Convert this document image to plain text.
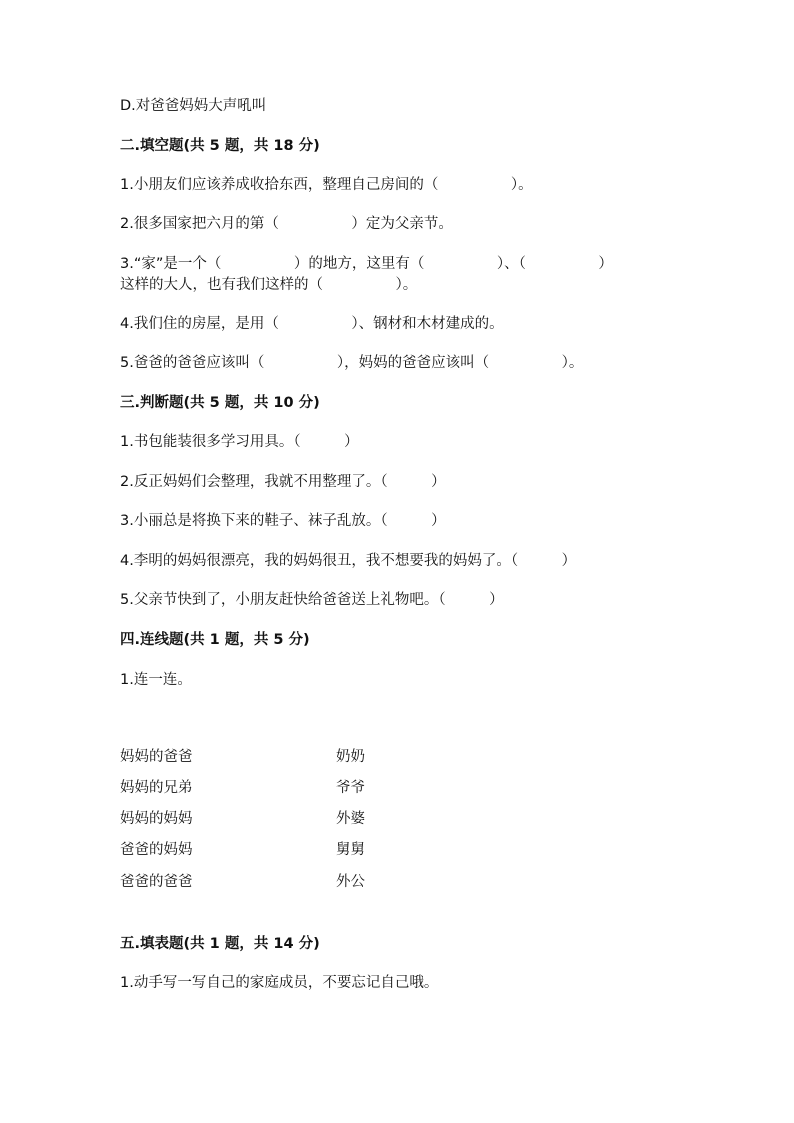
D.对爸爸妈妈大声吼叫
二.填空题(共 5 题，共 18 分)
1.小朋友们应该养成收拾东西，整理自己房间的（　　　　　）。
2.很多国家把六月的第（　　　　　）定为父亲节。
3.“家”是一个（　　　　　）的地方，这里有（　　　　　）、（　　　　　）
这样的大人，也有我们这样的（　　　　　）。
4.我们住的房屋，是用（　　　　　）、钢材和木材建成的。
5.爸爸的爸爸应该叫（　　　　　），妈妈的爸爸应该叫（　　　　　）。
三.判断题(共 5 题，共 10 分)
1.书包能装很多学习用具。（　　　）
2.反正妈妈们会整理，我就不用整理了。（　　　）
3.小丽总是将换下来的鞋子、袜子乱放。（　　　）
4.李明的妈妈很漂亮，我的妈妈很丑，我不想要我的妈妈了。（　　　）
5.父亲节快到了，小朋友赶快给爸爸送上礼物吧。（　　　）
四.连线题(共 1 题，共 5 分)
1.连一连。
妈妈的爸爸	奶奶
妈妈的兄弟	爷爷
妈妈的妈妈	外婆
爸爸的妈妈	舅舅
爸爸的爸爸	外公
五.填表题(共 1 题，共 14 分)
1.动手写一写自己的家庭成员，不要忘记自己哦。
